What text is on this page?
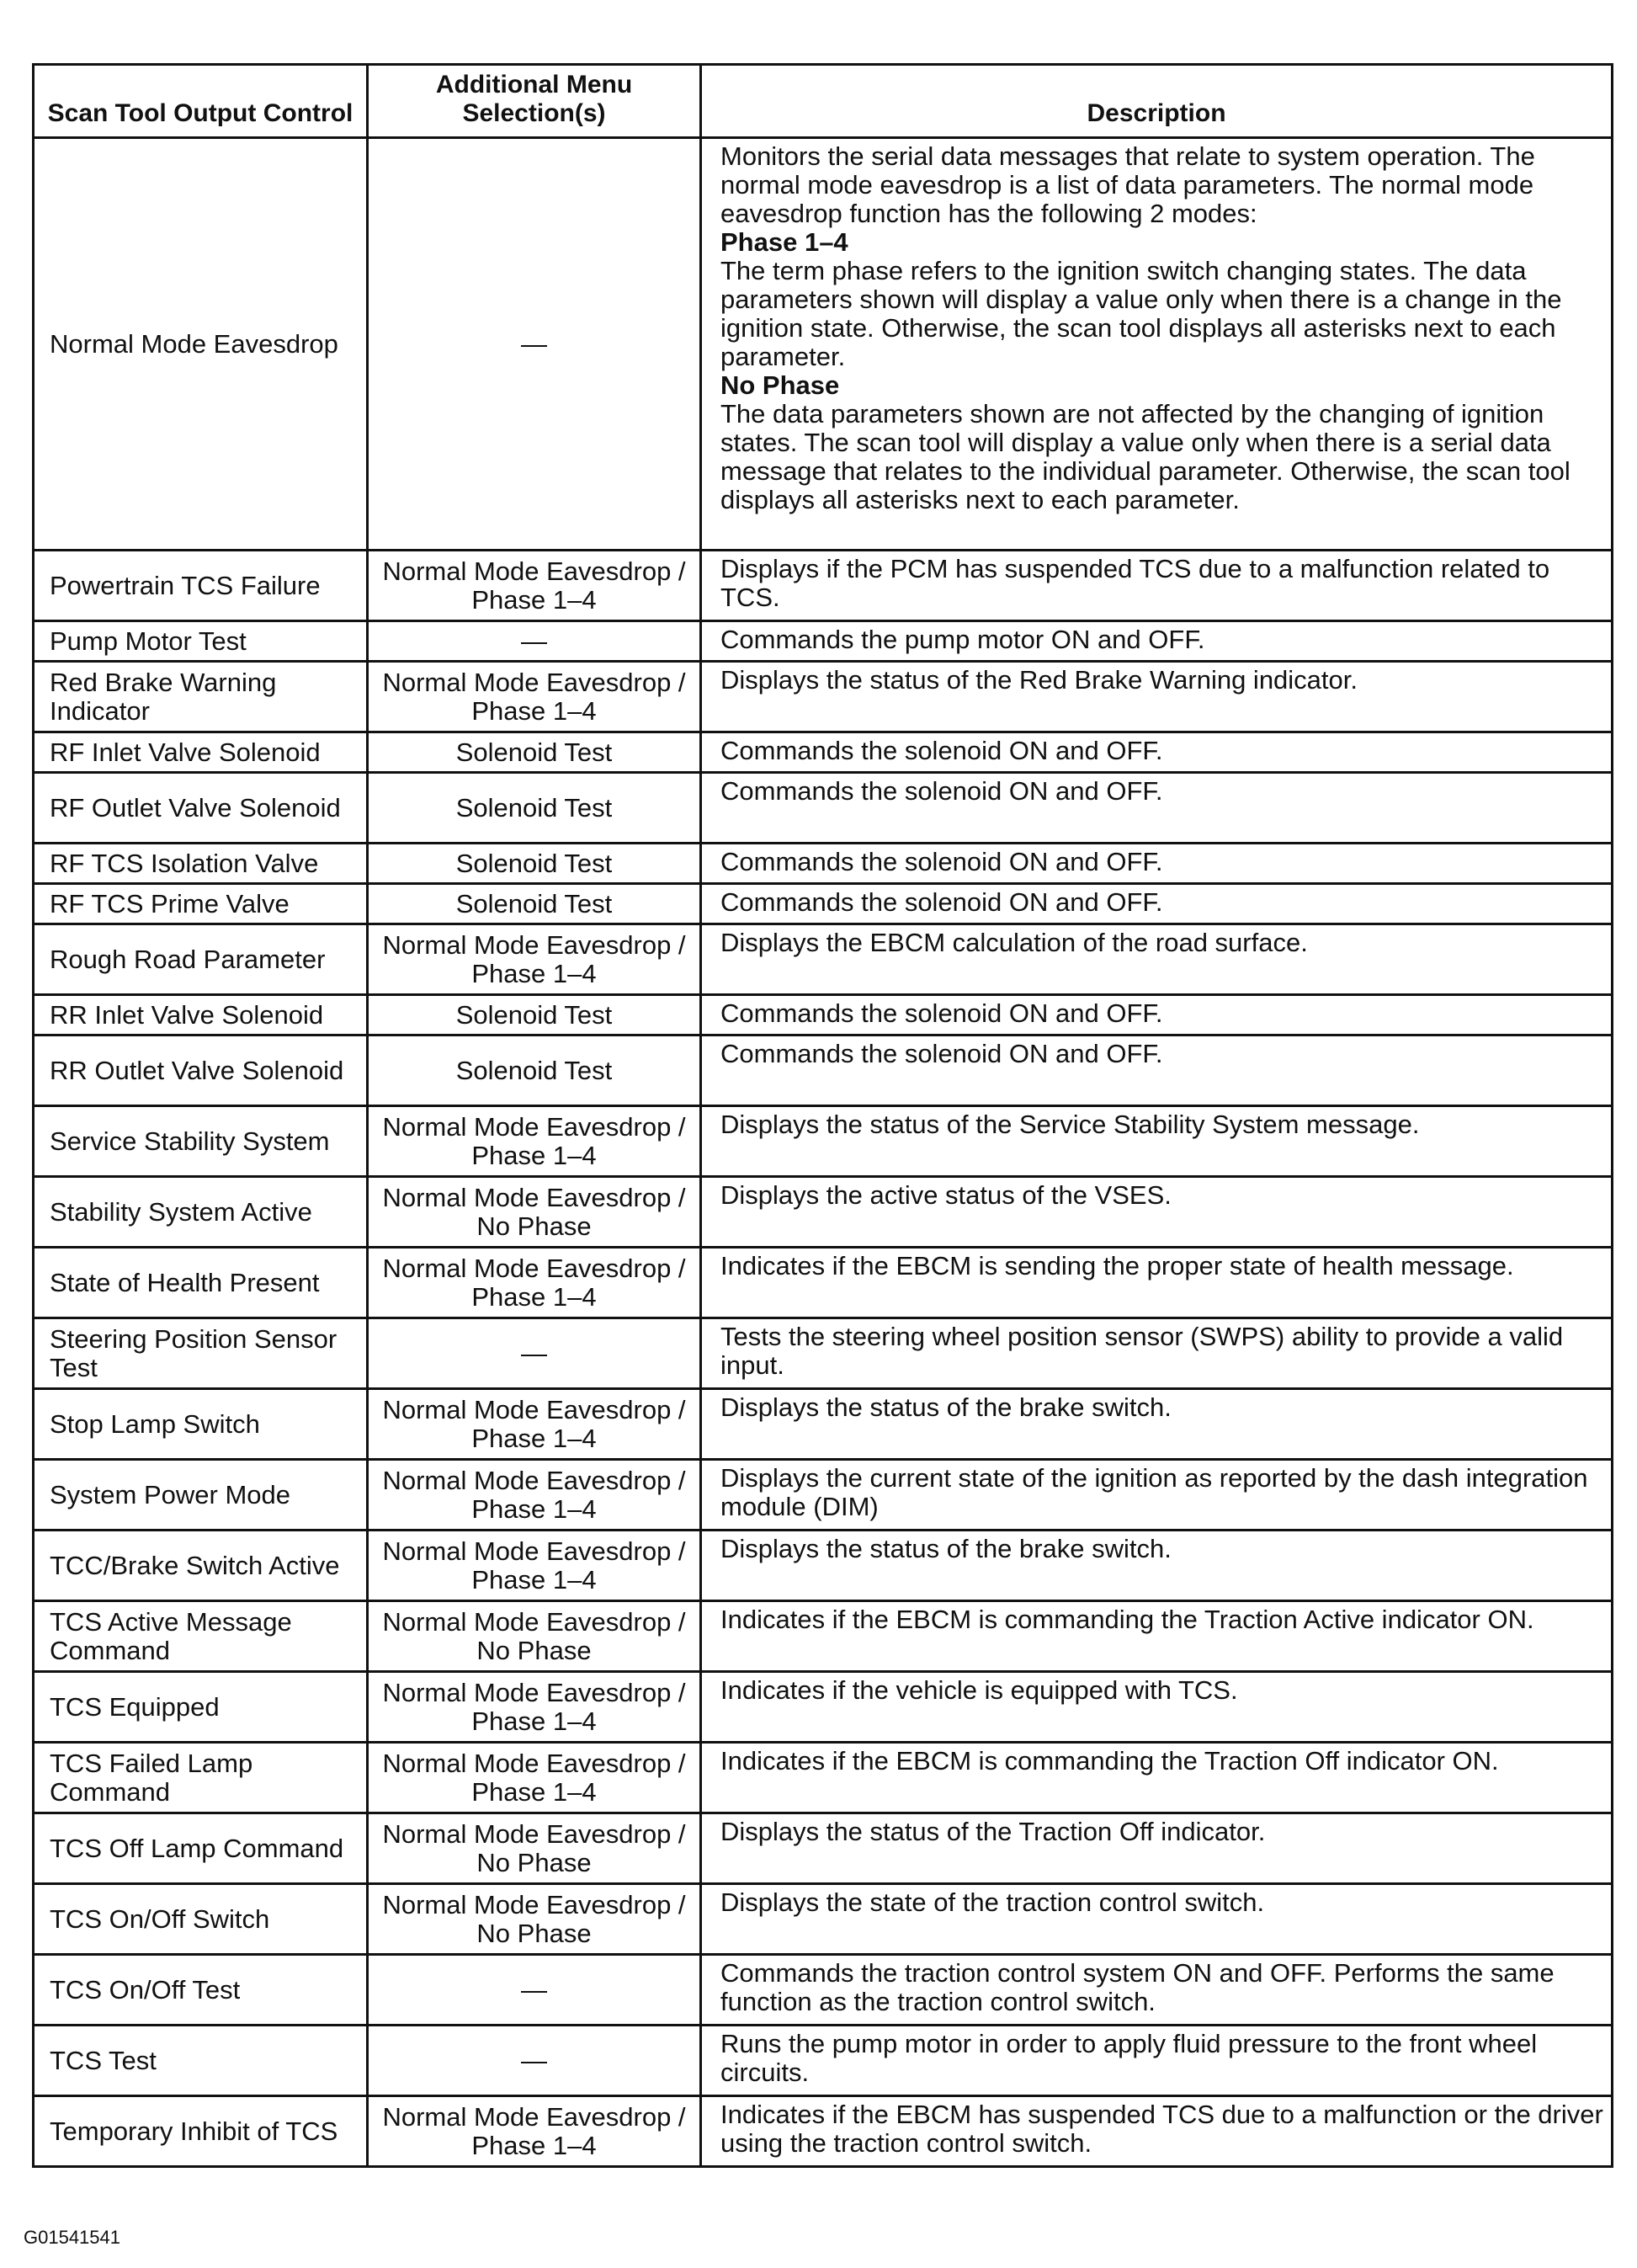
Scan Tool Output Control	Additional Menu Selection(s)	Description
Normal Mode Eavesdrop	—	Monitors the serial data messages that relate to system operation. The normal mode eavesdrop is a list of data parameters. The normal mode eavesdrop function has the following 2 modes:

Phase 1–4

The term phase refers to the ignition switch changing states. The data parameters shown will display a value only when there is a change in the ignition state. Otherwise, the scan tool displays all asterisks next to each parameter.

No Phase

The data parameters shown are not affected by the changing of ignition states. The scan tool will display a value only when there is a serial data message that relates to the individual parameter. Otherwise, the scan tool displays all asterisks next to each parameter.

Powertrain TCS Failure	Normal Mode Eavesdrop / Phase 1–4	Displays if the PCM has suspended TCS due to a malfunction related to TCS.
Pump Motor Test	—	Commands the pump motor ON and OFF.
Red Brake Warning Indicator	Normal Mode Eavesdrop / Phase 1–4	Displays the status of the Red Brake Warning indicator.
RF Inlet Valve Solenoid	Solenoid Test	Commands the solenoid ON and OFF.
RF Outlet Valve Solenoid	Solenoid Test	Commands the solenoid ON and OFF.
RF TCS Isolation Valve	Solenoid Test	Commands the solenoid ON and OFF.
RF TCS Prime Valve	Solenoid Test	Commands the solenoid ON and OFF.
Rough Road Parameter	Normal Mode Eavesdrop / Phase 1–4	Displays the EBCM calculation of the road surface.
RR Inlet Valve Solenoid	Solenoid Test	Commands the solenoid ON and OFF.
RR Outlet Valve Solenoid	Solenoid Test	Commands the solenoid ON and OFF.
Service Stability System	Normal Mode Eavesdrop / Phase 1–4	Displays the status of the Service Stability System message.
Stability System Active	Normal Mode Eavesdrop / No Phase	Displays the active status of the VSES.
State of Health Present	Normal Mode Eavesdrop / Phase 1–4	Indicates if the EBCM is sending the proper state of health message.
Steering Position Sensor Test	—	Tests the steering wheel position sensor (SWPS) ability to provide a valid input.
Stop Lamp Switch	Normal Mode Eavesdrop / Phase 1–4	Displays the status of the brake switch.
System Power Mode	Normal Mode Eavesdrop / Phase 1–4	Displays the current state of the ignition as reported by the dash integration module (DIM)
TCC/Brake Switch Active	Normal Mode Eavesdrop / Phase 1–4	Displays the status of the brake switch.
TCS Active Message Command	Normal Mode Eavesdrop / No Phase	Indicates if the EBCM is commanding the Traction Active indicator ON.
TCS Equipped	Normal Mode Eavesdrop / Phase 1–4	Indicates if the vehicle is equipped with TCS.
TCS Failed Lamp Command	Normal Mode Eavesdrop / Phase 1–4	Indicates if the EBCM is commanding the Traction Off indicator ON.
TCS Off Lamp Command	Normal Mode Eavesdrop / No Phase	Displays the status of the Traction Off indicator.
TCS On/Off Switch	Normal Mode Eavesdrop / No Phase	Displays the state of the traction control switch.
TCS On/Off Test	—	Commands the traction control system ON and OFF. Performs the same function as the traction control switch.
TCS Test	—	Runs the pump motor in order to apply fluid pressure to the front wheel circuits.
Temporary Inhibit of TCS	Normal Mode Eavesdrop / Phase 1–4	Indicates if the EBCM has suspended TCS due to a malfunction or the driver using the traction control switch.
G01541541
